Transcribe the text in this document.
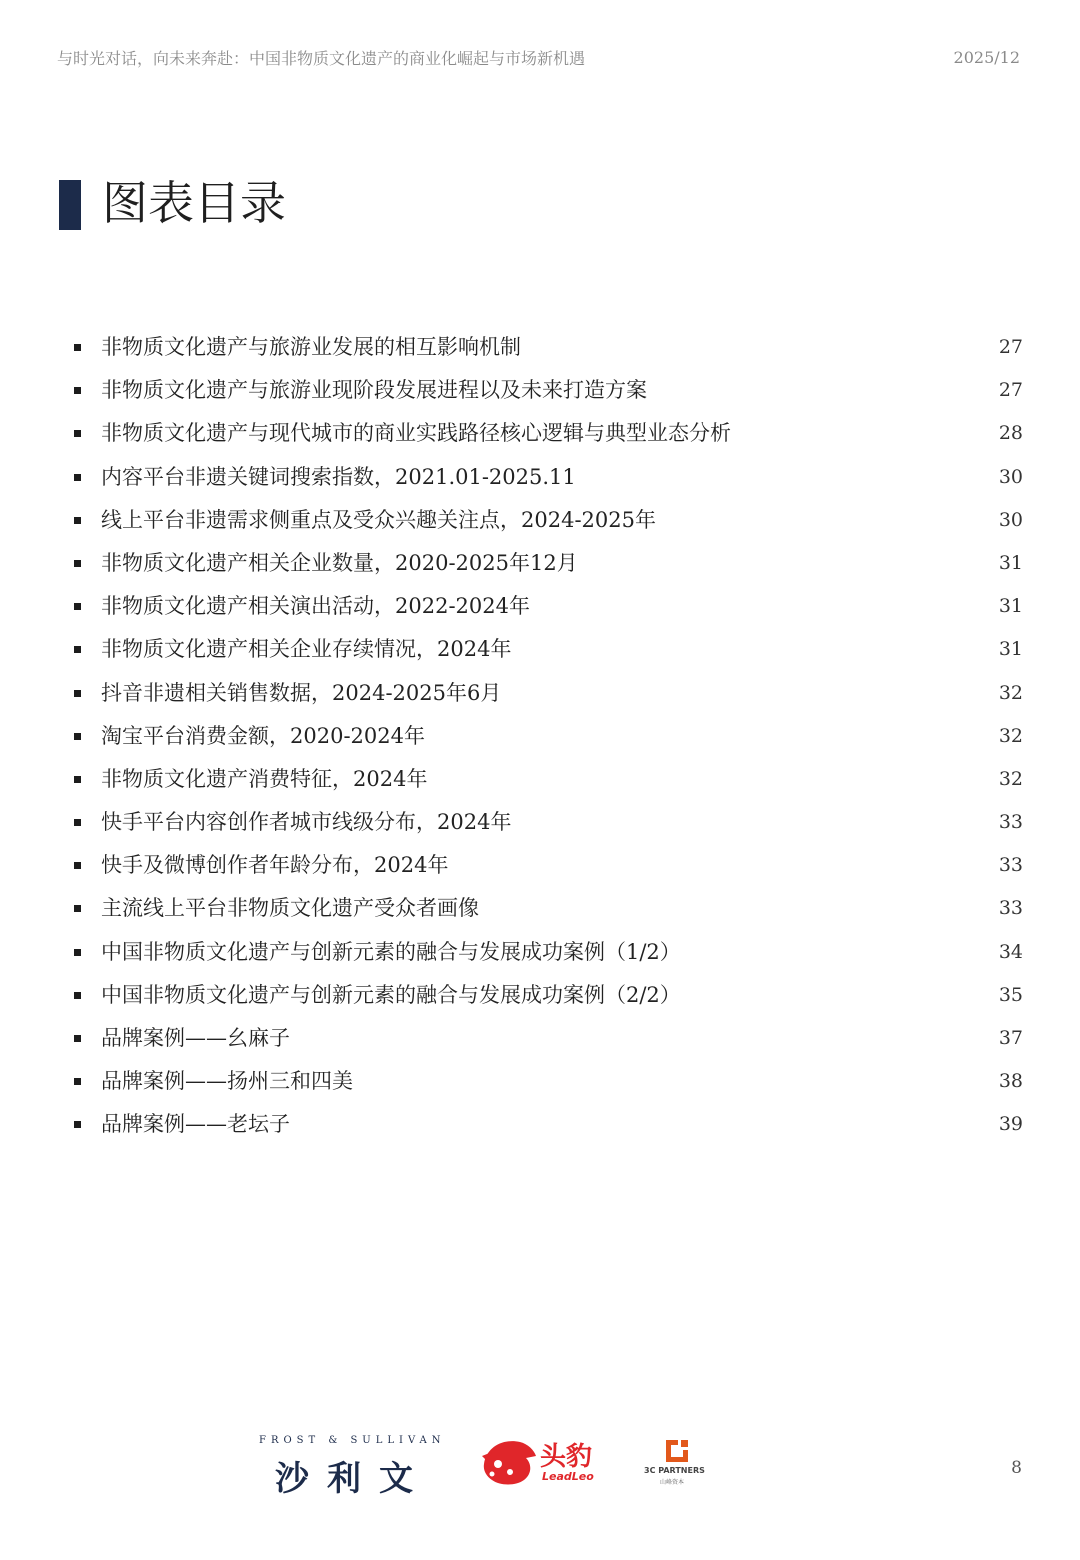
与时光对话，向未来奔赴：中国非物质文化遗产的商业化崛起与市场新机遇	2025/12
图表目录
非物质文化遗产与旅游业发展的相互影响机制	27
非物质文化遗产与旅游业现阶段发展进程以及未来打造方案	27
非物质文化遗产与现代城市的商业实践路径核心逻辑与典型业态分析	28
内容平台非遗关键词搜索指数，2021.01-2025.11	30
线上平台非遗需求侧重点及受众兴趣关注点，2024-2025年	30
非物质文化遗产相关企业数量，2020-2025年12月	31
非物质文化遗产相关演出活动，2022-2024年	31
非物质文化遗产相关企业存续情况，2024年	31
抖音非遗相关销售数据，2024-2025年6月	32
淘宝平台消费金额，2020-2024年	32
非物质文化遗产消费特征，2024年	32
快手平台内容创作者城市线级分布，2024年	33
快手及微博创作者年龄分布，2024年	33
主流线上平台非物质文化遗产受众者画像	33
中国非物质文化遗产与创新元素的融合与发展成功案例（1/2）	34
中国非物质文化遗产与创新元素的融合与发展成功案例（2/2）	35
品牌案例——幺麻子	37
品牌案例——扬州三和四美	38
品牌案例——老坛子	39
FROST & SULLIVAN
沙利文
头豹
LeadLeo	3C PARTNERS
山峰资本
8
